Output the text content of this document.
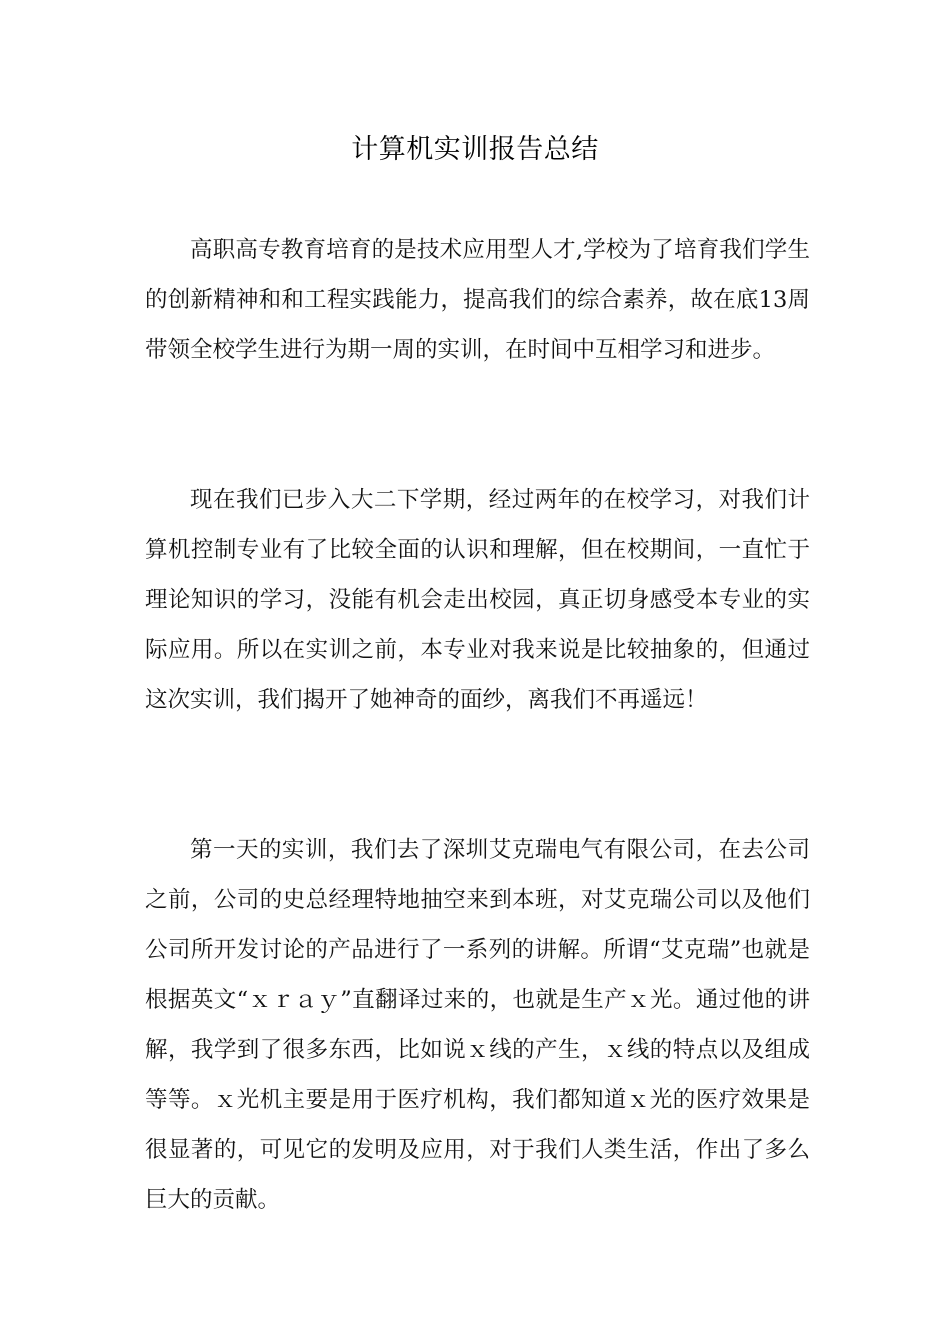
计算机实训报告总结

高职高专教育培育的是技术应用型人才,学校为了培育我们学生的创新精神和和工程实践能力，提高我们的综合素养，故在底13周带领全校学生进行为期一周的实训，在时间中互相学习和进步。

现在我们已步入大二下学期，经过两年的在校学习，对我们计算机控制专业有了比较全面的认识和理解，但在校期间，一直忙于理论知识的学习，没能有机会走出校园，真正切身感受本专业的实际应用。所以在实训之前，本专业对我来说是比较抽象的，但通过这次实训，我们揭开了她神奇的面纱，离我们不再遥远！

第一天的实训，我们去了深圳艾克瑞电气有限公司，在去公司之前，公司的史总经理特地抽空来到本班，对艾克瑞公司以及他们公司所开发讨论的产品进行了一系列的讲解。所谓“艾克瑞”也就是根据英文“ｘｒａｙ”直翻译过来的，也就是生产ｘ光。通过他的讲解，我学到了很多东西，比如说ｘ线的产生，ｘ线的特点以及组成等等。ｘ光机主要是用于医疗机构，我们都知道ｘ光的医疗效果是很显著的，可见它的发明及应用，对于我们人类生活，作出了多么巨大的贡献。
